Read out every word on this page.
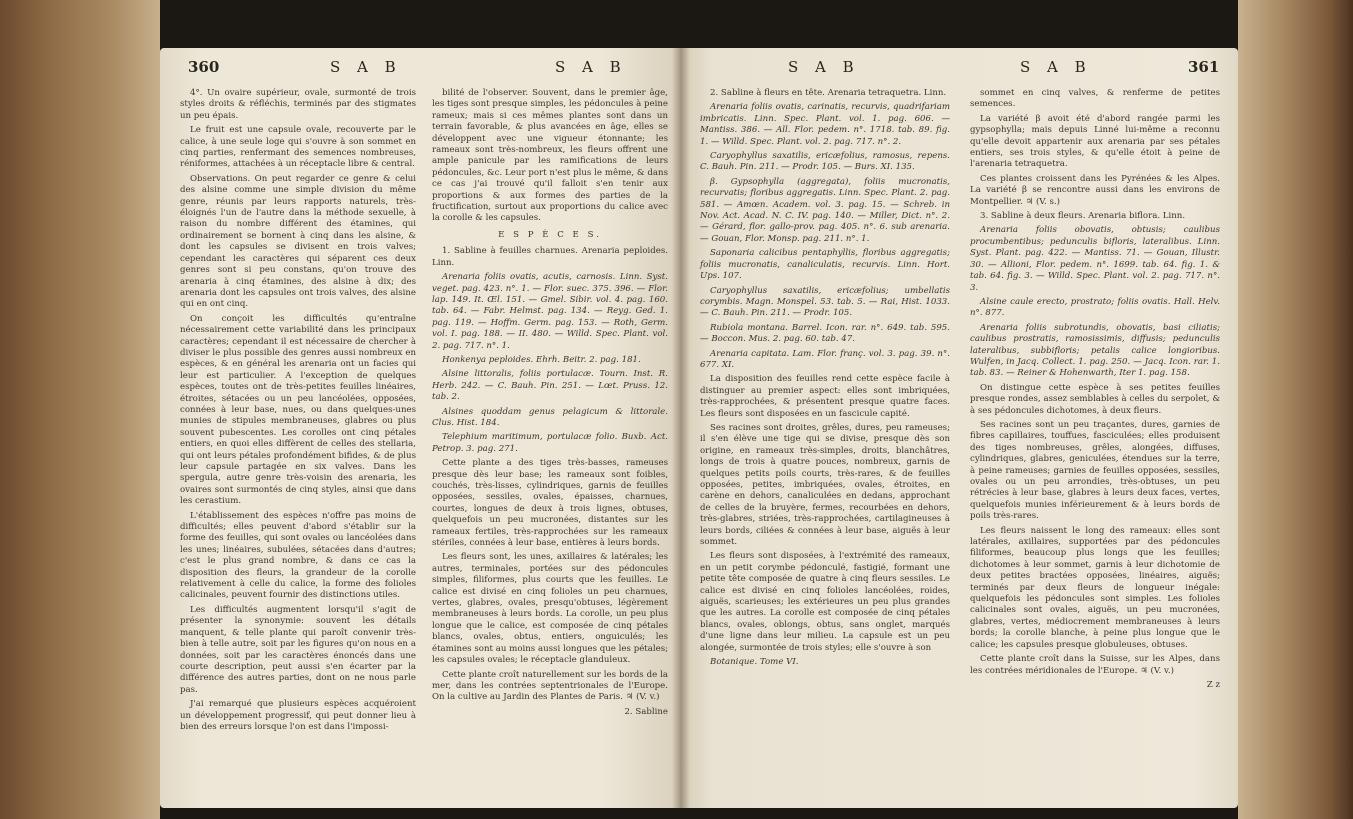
360	S A B	S A B

4°. Un ovaire supérieur, ovale, surmonté de trois styles droits & réfléchis, terminés par des stigmates un peu épais.

Le fruit est une capsule ovale, recouverte par le calice, à une seule loge qui s'ouvre à son sommet en cinq parties, renfermant des semences nombreuses, réniformes, attachées à un réceptacle libre & central.

Observations. On peut regarder ce genre & celui des alsine comme une simple division du même genre, réunis par leurs rapports naturels, très-éloignés l'un de l'autre dans la méthode sexuelle, à raison du nombre différent des étamines, qui ordinairement se bornent à cinq dans les alsine, & dont les capsules se divisent en trois valves; cependant les caractères qui séparent ces deux genres sont si peu constans, qu'on trouve des arenaria à cinq étamines, des alsine à dix; des arenaria dont les capsules ont trois valves, des alsine qui en ont cinq.

On conçoit les difficultés qu'entraîne nécessairement cette variabilité dans les principaux caractères; cependant il est nécessaire de chercher à diviser le plus possible des genres aussi nombreux en espèces, & en général les arenaria ont un facies qui leur est particulier. A l'exception de quelques espèces, toutes ont de très-petites feuilles linéaires, étroites, sétacées ou un peu lancéolées, opposées, connées à leur base, nues, ou dans quelques-unes munies de stipules membraneuses, glabres ou plus souvent pubescentes. Les corolles ont cinq pétales entiers, en quoi elles diffèrent de celles des stellaria, qui ont leurs pétales profondément bifides, & de plus leur capsule partagée en six valves. Dans les spergula, autre genre très-voisin des arenaria, les ovaires sont surmontés de cinq styles, ainsi que dans les cerastium.

L'établissement des espèces n'offre pas moins de difficultés; elles peuvent d'abord s'établir sur la forme des feuilles, qui sont ovales ou lancéolées dans les unes; linéaires, subulées, sétacées dans d'autres; c'est le plus grand nombre, & dans ce cas la disposition des fleurs, la grandeur de la corolle relativement à celle du calice, la forme des folioles calicinales, peuvent fournir des distinctions utiles.

Les difficultés augmentent lorsqu'il s'agit de présenter la synonymie: souvent les détails manquent, & telle plante qui paroît convenir très-bien à telle autre, soit par les figures qu'on nous en a données, soit par les caractères énoncés dans une courte description, peut aussi s'en écarter par la différence des autres parties, dont on ne nous parle pas.

J'ai remarqué que plusieurs espèces acquéroient un développement progressif, qui peut donner lieu à bien des erreurs lorsque l'on est dans l'impossi-

bilité de l'observer. Souvent, dans le premier âge, les tiges sont presque simples, les pédoncules à peine rameux; mais si ces mêmes plantes sont dans un terrain favorable, & plus avancées en âge, elles se développent avec une vigueur étonnante; les rameaux sont très-nombreux, les fleurs offrent une ample panicule par les ramifications de leurs pédoncules, &c. Leur port n'est plus le même, & dans ce cas j'ai trouvé qu'il falloit s'en tenir aux proportions & aux formes des parties de la fructification, surtout aux proportions du calice avec la corolle & les capsules.

E S P È C E S.

1. Sabline à feuilles charnues. Arenaria peploides. Linn.

Arenaria foliis ovatis, acutis, carnosis. Linn. Syst. veget. pag. 423. n°. 1. — Flor. suec. 375. 396. — Flor. lap. 149. It. Œl. 151. — Gmel. Sibir. vol. 4. pag. 160. tab. 64. — Fabr. Helmst. pag. 134. — Reyg. Ged. 1. pag. 119. — Hoffm. Germ. pag. 153. — Roth, Germ. vol. I. pag. 188. — II. 480. — Willd. Spec. Plant. vol. 2. pag. 717. n°. 1.

Honkenya peploides. Ehrh. Beitr. 2. pag. 181.

Alsine littoralis, foliis portulacæ. Tourn. Inst. R. Herb. 242. — C. Bauh. Pin. 251. — Lœt. Pruss. 12. tab. 2.

Alsines quoddam genus pelagicum & littorale. Clus. Hist. 184.

Telephium maritimum, portulacæ folio. Buxb. Act. Petrop. 3. pag. 271.

Cette plante a des tiges très-basses, rameuses presque dès leur base; les rameaux sont foibles, couchés, très-lisses, cylindriques, garnis de feuilles opposées, sessiles, ovales, épaisses, charnues, courtes, longues de deux à trois lignes, obtuses, quelquefois un peu mucronées, distantes sur les rameaux fertiles, très-rapprochées sur les rameaux stériles, connées à leur base, entières à leurs bords.

Les fleurs sont, les unes, axillaires & latérales; les autres, terminales, portées sur des pédoncules simples, filiformes, plus courts que les feuilles. Le calice est divisé en cinq folioles un peu charnues, vertes, glabres, ovales, presqu'obtuses, légèrement membraneuses à leurs bords. La corolle, un peu plus longue que le calice, est composée de cinq pétales blancs, ovales, obtus, entiers, onguiculés; les étamines sont au moins aussi longues que les pétales; les capsules ovales; le réceptacle glanduleux.

Cette plante croît naturellement sur les bords de la mer, dans les contrées septentrionales de l'Europe. On la cultive au Jardin des Plantes de Paris. ♃ (V. v.)

2. Sabline

S A B	S A B	361

2. Sabline à fleurs en tête. Arenaria tetraquetra. Linn.

Arenaria foliis ovatis, carinatis, recurvis, quadrifariam imbricatis. Linn. Spec. Plant. vol. 1. pag. 606. — Mantiss. 386. — All. Flor. pedem. n°. 1718. tab. 89. fig. 1. — Willd. Spec. Plant. vol. 2. pag. 717. n°. 2.

Caryophyllus saxatilis, ericæfolius, ramosus, repens. C. Bauh. Pin. 211. — Prodr. 105. — Burs. XI. 135.

β. Gypsophylla (aggregata), foliis mucronatis, recurvatis; floribus aggregatis. Linn. Spec. Plant. 2. pag. 581. — Amœn. Academ. vol. 3. pag. 15. — Schreb. in Nov. Act. Acad. N. C. IV. pag. 140. — Miller, Dict. n°. 2. — Gérard, flor. gallo-prov. pag. 405. n°. 6. sub arenaria. — Gouan, Flor. Monsp. pag. 211. n°. 1.

Saponaria calicibus pentaphyllis, floribus aggregatis; foliis mucronatis, canaliculatis, recurvis. Linn. Hort. Ups. 107.

Caryophyllus saxatilis, ericæfolius; umbellatis corymbis. Magn. Monspel. 53. tab. 5. — Rai, Hist. 1033. — C. Bauh. Pin. 211. — Prodr. 105.

Rubiola montana. Barrel. Icon. rar. n°. 649. tab. 595. — Boccon. Mus. 2. pag. 60. tab. 47.

Arenaria capitata. Lam. Flor. franç. vol. 3. pag. 39. n°. 677. XI.

La disposition des feuilles rend cette espèce facile à distinguer au premier aspect: elles sont imbriquées, très-rapprochées, & présentent presque quatre faces. Les fleurs sont disposées en un fascicule capité.

Ses racines sont droites, grêles, dures, peu rameuses; il s'en élève une tige qui se divise, presque dès son origine, en rameaux très-simples, droits, blanchâtres, longs de trois à quatre pouces, nombreux, garnis de quelques petits poils courts, très-rares, & de feuilles opposées, petites, imbriquées, ovales, étroites, en carène en dehors, canaliculées en dedans, approchant de celles de la bruyère, fermes, recourbées en dehors, très-glabres, striées, très-rapprochées, cartilagineuses à leurs bords, ciliées & connées à leur base, aiguës à leur sommet.

Les fleurs sont disposées, à l'extrémité des rameaux, en un petit corymbe pédonculé, fastigié, formant une petite tête composée de quatre à cinq fleurs sessiles. Le calice est divisé en cinq folioles lancéolées, roides, aiguës, scarieuses; les extérieures un peu plus grandes que les autres. La corolle est composée de cinq pétales blancs, ovales, oblongs, obtus, sans onglet, marqués d'une ligne dans leur milieu. La capsule est un peu alongée, surmontée de trois styles; elle s'ouvre à son

Botanique. Tome VI.

sommet en cinq valves, & renferme de petites semences.

La variété β avoit été d'abord rangée parmi les gypsophylla; mais depuis Linné lui-même a reconnu qu'elle devoit appartenir aux arenaria par ses pétales entiers, ses trois styles, & qu'elle étoit à peine de l'arenaria tetraquetra.

Ces plantes croissent dans les Pyrénées & les Alpes. La variété β se rencontre aussi dans les environs de Montpellier. ♃ (V. s.)

3. Sabline à deux fleurs. Arenaria biflora. Linn.

Arenaria foliis obovatis, obtusis; caulibus procumbentibus; pedunculis bifloris, lateralibus. Linn. Syst. Plant. pag. 422. — Mantiss. 71. — Gouan, Illustr. 30. — Allioni, Flor. pedem. n°. 1699. tab. 64. fig. 1. & tab. 64. fig. 3. — Willd. Spec. Plant. vol. 2. pag. 717. n°. 3.

Alsine caule erecto, prostrato; foliis ovatis. Hall. Helv. n°. 877.

Arenaria foliis subrotundis, obovatis, basi ciliatis; caulibus prostratis, ramosissimis, diffusis; pedunculis lateralibus, subbifloris; petalis calice longioribus. Wulfen, in Jacq. Collect. 1. pag. 250. — Jacq. Icon. rar. 1. tab. 83. — Reiner & Hohenwarth, Iter 1. pag. 158.

On distingue cette espèce à ses petites feuilles presque rondes, assez semblables à celles du serpolet, & à ses pédoncules dichotomes, à deux fleurs.

Ses racines sont un peu traçantes, dures, garnies de fibres capillaires, touffues, fasciculées; elles produisent des tiges nombreuses, grêles, alongées, diffuses, cylindriques, glabres, geniculées, étendues sur la terre, à peine rameuses; garnies de feuilles opposées, sessiles, ovales ou un peu arrondies, très-obtuses, un peu rétrécies à leur base, glabres à leurs deux faces, vertes, quelquefois munies inférieurement & à leurs bords de poils très-rares.

Les fleurs naissent le long des rameaux: elles sont latérales, axillaires, supportées par des pédoncules filiformes, beaucoup plus longs que les feuilles; dichotomes à leur sommet, garnis à leur dichotomie de deux petites bractées opposées, linéaires, aiguës; terminés par deux fleurs de longueur inégale: quelquefois les pédoncules sont simples. Les folioles calicinales sont ovales, aiguës, un peu mucronées, glabres, vertes, médiocrement membraneuses à leurs bords; la corolle blanche, à peine plus longue que le calice; les capsules presque globuleuses, obtuses.

Cette plante croît dans la Suisse, sur les Alpes, dans les contrées méridionales de l'Europe. ♃ (V. v.)

Z z
